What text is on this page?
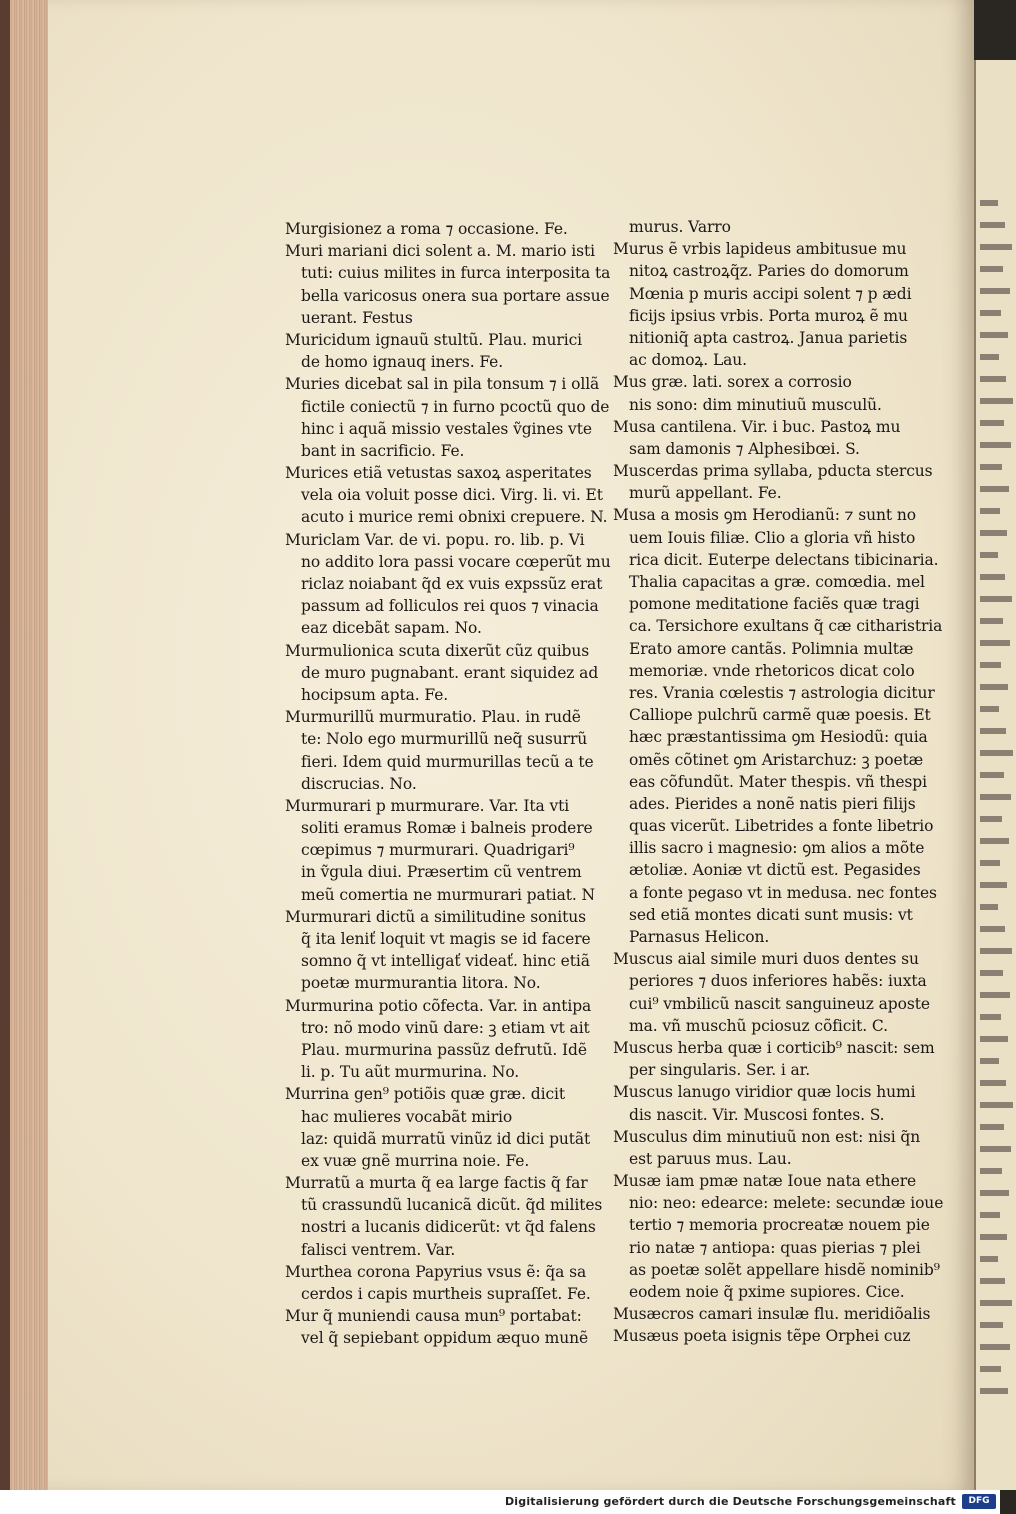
Murgisionez a roma ⁊ occasione. Fe.
Muri mariani dici solent a. M. mario isti
tuti: cuius milites in furca interposita ta
bella varicosus onera sua portare assue
uerant. Festus
Muricidum ignauũ stultũ. Plau. murici
de homo ignauq iners. Fe.
Muries dicebat sal in pila tonsum ⁊ i ollã
fictile coniectũ ⁊ in furno pcoctũ quo de
hinc i aquã missio vestales ṽgines vte
bant in sacrificio. Fe.
Murices etiã vetustas saxoꝝ asperitates
vela oia voluit posse dici. Virg. li. vi. Et
acuto i murice remi obnixi crepuere. N.
Muriclam Var. de vi. popu. ro. lib. p. Vi
no addito lora passi vocare cœperũt mu
riclaz noiabant q̃d ex vuis expssũz erat
passum ad folliculos rei quos ⁊ vinacia
eaz dicebãt sapam. No.
Murmulionica scuta dixerũt cũz quibus
de muro pugnabant. erant siquidez ad
hocipsum apta. Fe.
Murmurillũ murmuratio. Plau. in rudẽ
te: Nolo ego murmurillũ neq̃ susurrũ
fieri. Idem quid murmurillas tecũ a te
discrucias. No.
Murmurari p murmurare. Var. Ita vti
soliti eramus Romæ i balneis prodere
cœpimus ⁊ murmurari. Quadrigari⁹
in ṽgula diui. Præsertim cũ ventrem
meũ comertia ne murmurari patiat. N
Murmurari dictũ a similitudine sonitus
q̃ ita leniť loquit vt magis se id facere
somno q̃ vt intelligať videať. hinc etiã
poetæ murmurantia litora. No.
Murmurina potio cõfecta. Var. in antipa
tro: nõ modo vinũ dare: ꝫ etiam vt ait
Plau. murmurina passũz defrutũ. Idẽ
li. p. Tu aũt murmurina. No.
Murrina gen⁹ potiõis quæ græ. dicit
hac mulieres vocabãt mirio
laz: quidã murratũ vinũz id dici putãt
ex vuæ gnẽ murrina noie. Fe.
Murratũ a murta q̃ ea large factis q̃ far
tũ crassundũ lucanicã dicũt. q̃d milites
nostri a lucanis didicerũt: vt q̃d falens
falisci ventrem. Var.
Murthea corona Papyrius vsus ẽ: q̃a sa
cerdos i capis murtheis supraſſet. Fe.
Mur q̃ muniendi causa mun⁹ portabat:
vel q̃ sepiebant oppidum æquo munẽ
murus. Varro
Murus ẽ vrbis lapideus ambitusue mu
nitoꝝ castroꝝq̃z. Paries do domorum
Mœnia p muris accipi solent ⁊ p ædi
ficijs ipsius vrbis. Porta muroꝝ ẽ mu
nitioniq̃ apta castroꝝ. Janua parietis
ac domoꝝ. Lau.
Mus græ. lati. sorex a corrosio
nis sono: dim minutiuũ musculũ.
Musa cantilena. Vir. i buc. Pastoꝝ mu
sam damonis ⁊ Alphesibœi. S.
Muscerdas prima syllaba, pducta stercus
murũ appellant. Fe.
Musa a mosis ꝯm Herodianũ: ⁊ sunt no
uem Iouis filiæ. Clio a gloria vñ histo
rica dicit. Euterpe delectans tibicinaria.
Thalia capacitas a græ. comœdia. mel
pomone meditatione faciẽs quæ tragi
ca. Tersichore exultans q̃ cæ citharistria
Erato amore cantãs. Polimnia multæ
memoriæ. vnde rhetoricos dicat colo
res. Vrania cœlestis ⁊ astrologia dicitur
Calliope pulchrũ carmẽ quæ poesis. Et
hæc præstantissima ꝯm Hesiodũ: quia
omẽs cõtinet ꝯm Aristarchuz: ꝫ poetæ
eas cõfundũt. Mater thespis. vñ thespi
ades. Pierides a nonẽ natis pieri filijs
quas vicerũt. Libetrides a fonte libetrio
illis sacro i magnesio: ꝯm alios a mõte
ætoliæ. Aoniæ vt dictũ est. Pegasides
a fonte pegaso vt in medusa. nec fontes
sed etiã montes dicati sunt musis: vt
Parnasus Helicon.
Muscus aial simile muri duos dentes su
periores ⁊ duos inferiores habẽs: iuxta
cui⁹ vmbilicũ nascit sanguineuz aposte
ma. vñ muschũ pciosuz cõficit. C.
Muscus herba quæ i corticib⁹ nascit: sem
per singularis. Ser. i ar.
Muscus lanugo viridior quæ locis humi
dis nascit. Vir. Muscosi fontes. S.
Musculus dim minutiuũ non est: nisi q̃n
est paruus mus. Lau.
Musæ iam pmæ natæ Ioue nata ethere
nio: neo: edearce: melete: secundæ ioue
tertio ⁊ memoria procreatæ nouem pie
rio natæ ⁊ antiopa: quas pierias ⁊ plei
as poetæ solẽt appellare hisdẽ nominib⁹
eodem noie q̃ pxime supiores. Cice.
Musæcros camari insulæ flu. meridiõalis
Musæus poeta isignis tẽpe Orphei cuz
Digitalisierung gefördert durch die Deutsche Forschungsgemeinschaft	DFG
